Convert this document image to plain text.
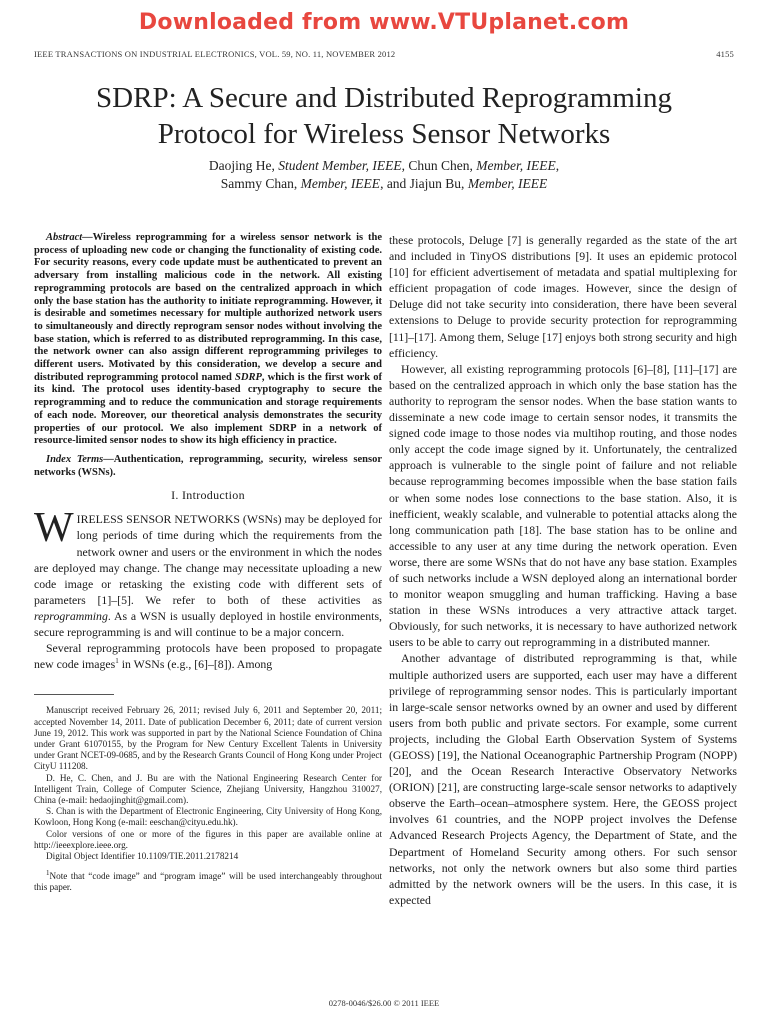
Downloaded from www.VTUplanet.com
IEEE TRANSACTIONS ON INDUSTRIAL ELECTRONICS, VOL. 59, NO. 11, NOVEMBER 2012	4155
SDRP: A Secure and Distributed Reprogramming
Protocol for Wireless Sensor Networks
Daojing He, Student Member, IEEE, Chun Chen, Member, IEEE,
Sammy Chan, Member, IEEE, and Jiajun Bu, Member, IEEE

Abstract—Wireless reprogramming for a wireless sensor network is the process of uploading new code or changing the functionality of existing code. For security reasons, every code update must be authenticated to prevent an adversary from installing malicious code in the network. All existing reprogramming protocols are based on the centralized approach in which only the base station has the authority to initiate reprogramming. However, it is desirable and sometimes necessary for multiple authorized network users to simultaneously and directly reprogram sensor nodes without involving the base station, which is referred to as distributed reprogramming. In this case, the network owner can also assign different reprogramming privileges to different users. Motivated by this consideration, we develop a secure and distributed reprogramming protocol named SDRP, which is the first work of its kind. The protocol uses identity-based cryptography to secure the reprogramming and to reduce the communication and storage requirements of each node. Moreover, our theoretical analysis demonstrates the security properties of our protocol. We also implement SDRP in a network of resource-limited sensor nodes to show its high efficiency in practice.

Index Terms—Authentication, reprogramming, security, wireless sensor networks (WSNs).

I. Introduction

WIRELESS SENSOR NETWORKS (WSNs) may be deployed for long periods of time during which the requirements from the network owner and users or the environment in which the nodes are deployed may change. The change may necessitate uploading a new code image or retasking the existing code with different sets of parameters [1]–[5]. We refer to both of these activities as reprogramming. As a WSN is usually deployed in hostile environments, secure reprogramming is and will continue to be a major concern.

Several reprogramming protocols have been proposed to propagate new code images$^1$ in WSNs (e.g., [6]–[8]). Among

Manuscript received February 26, 2011; revised July 6, 2011 and September 20, 2011; accepted November 14, 2011. Date of publication December 6, 2011; date of current version June 19, 2012. This work was supported in part by the National Science Foundation of China under Grant 61070155, by the Program for New Century Excellent Talents in University under Grant NCET-09-0685, and by the Research Grants Council of Hong Kong under Project CityU 111208.

D. He, C. Chen, and J. Bu are with the National Engineering Research Center for Intelligent Train, College of Computer Science, Zhejiang University, Hangzhou 310027, China (e-mail: hedaojinghit@gmail.com).

S. Chan is with the Department of Electronic Engineering, City University of Hong Kong, Kowloon, Hong Kong (e-mail: eeschan@cityu.edu.hk).

Color versions of one or more of the figures in this paper are available online at http://ieeexplore.ieee.org.

Digital Object Identifier 10.1109/TIE.2011.2178214

$^1$Note that “code image” and “program image” will be used interchangeably throughout this paper.

these protocols, Deluge [7] is generally regarded as the state of the art and included in TinyOS distributions [9]. It uses an epidemic protocol [10] for efficient advertisement of metadata and spatial multiplexing for efficient propagation of code images. However, since the design of Deluge did not take security into consideration, there have been several extensions to Deluge to provide security protection for reprogramming [11]–[17]. Among them, Seluge [17] enjoys both strong security and high efficiency.

However, all existing reprogramming protocols [6]–[8], [11]–[17] are based on the centralized approach in which only the base station has the authority to reprogram the sensor nodes. When the base station wants to disseminate a new code image to certain sensor nodes, it transmits the signed code image to those nodes via multihop routing, and those nodes only accept the code image signed by it. Unfortunately, the centralized approach is vulnerable to the single point of failure and not reliable because reprogramming becomes impossible when the base station fails or when some nodes lose connections to the base station. Also, it is inefficient, weakly scalable, and vulnerable to potential attacks along the long communication path [18]. The base station has to be online and accessible to any user at any time during the network operation. Even worse, there are some WSNs that do not have any base station. Examples of such networks include a WSN deployed along an international border to monitor weapon smuggling and human trafficking. Having a base station in these WSNs introduces a very attractive attack target. Obviously, for such networks, it is necessary to have authorized network users to be able to carry out reprogramming in a distributed manner.

Another advantage of distributed reprogramming is that, while multiple authorized users are supported, each user may have a different privilege of reprogramming sensor nodes. This is particularly important in large-scale sensor networks owned by an owner and used by different users from both public and private sectors. For example, some current projects, including the Global Earth Observation System of Systems (GEOSS) [19], the National Oceanographic Partnership Program (NOPP) [20], and the Ocean Research Interactive Observatory Networks (ORION) [21], are constructing large-scale sensor networks to adaptively observe the Earth–ocean–atmosphere system. Here, the GEOSS project involves 61 countries, and the NOPP project involves the Defense Advanced Research Projects Agency, the Department of State, and the Department of Homeland Security among others. For such sensor networks, not only the network owners but also some third parties admitted by the network owners will be the users. In this case, it is expected

0278-0046/$26.00 © 2011 IEEE
